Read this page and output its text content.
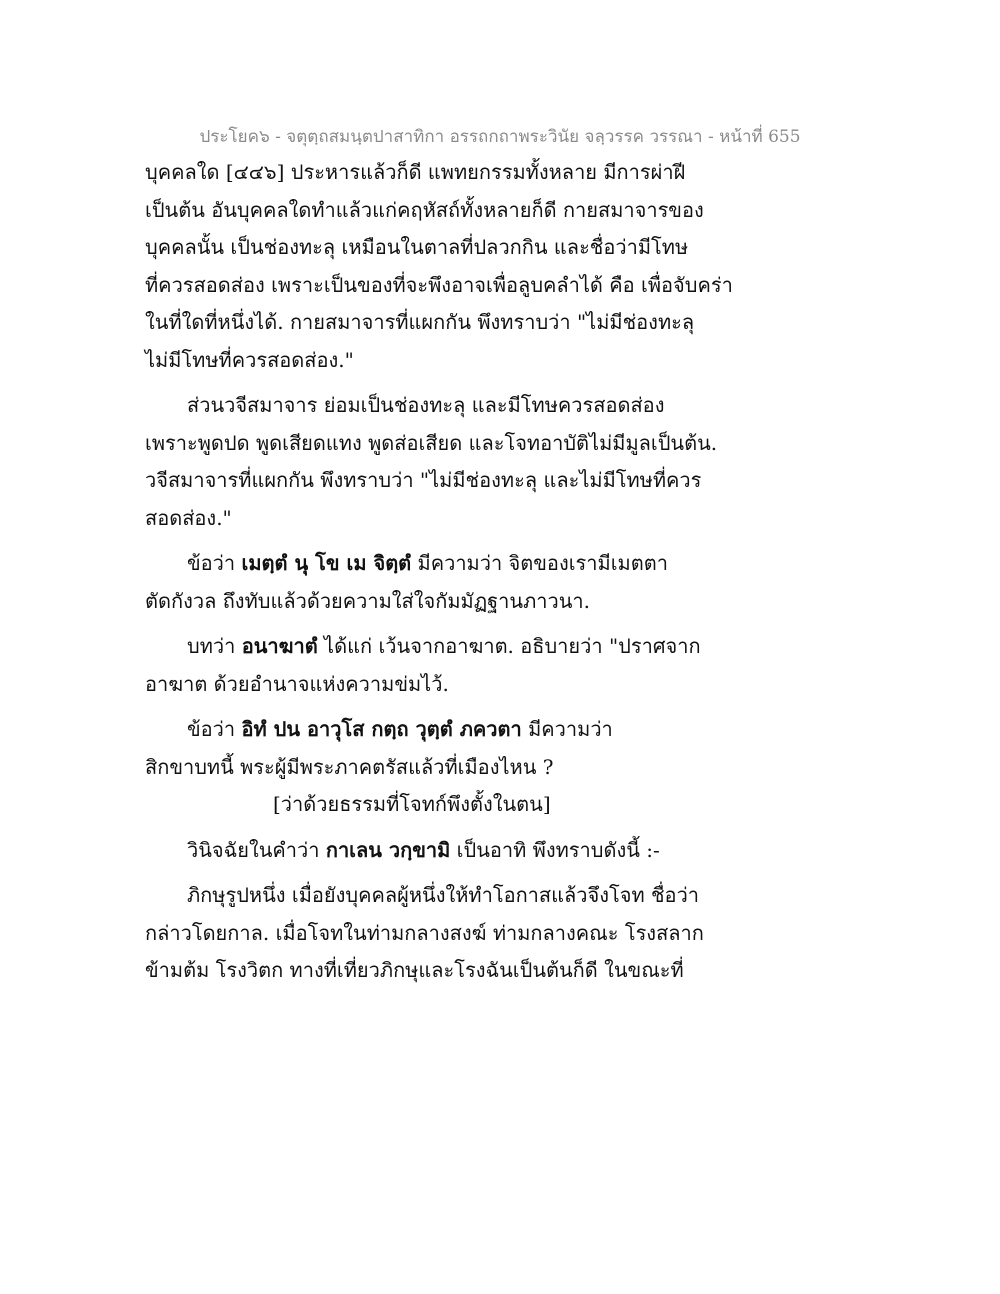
ประโยค๖ - จตุตฺถสมนฺตปาสาทิกา อรรถกถาพระวินัย จลฺวรรค วรรณา - หน้าที่ 655
บุคคลใด [๔๔๖] ประหารแล้วก็ดี แพทยกรรมทั้งหลาย มีการผ่าฝี
เป็นต้น อันบุคคลใดทำแล้วแก่คฤหัสถ์ทั้งหลายก็ดี กายสมาจารของ
บุคคลนั้น เป็นช่องทะลุ เหมือนในตาลที่ปลวกกิน และชื่อว่ามีโทษ
ที่ควรสอดส่อง เพราะเป็นของที่จะพึงอาจเพื่อลูบคลำได้ คือ เพื่อจับคร่า
ในที่ใดที่หนึ่งได้. กายสมาจารที่แผกกัน พึงทราบว่า "ไม่มีช่องทะลุ
ไม่มีโทษที่ควรสอดส่อง."
ส่วนวจีสมาจาร ย่อมเป็นช่องทะลุ และมีโทษควรสอดส่อง
เพราะพูดปด พูดเสียดแทง พูดส่อเสียด และโจทอาบัติไม่มีมูลเป็นต้น.
วจีสมาจารที่แผกกัน พึงทราบว่า "ไม่มีช่องทะลุ และไม่มีโทษที่ควร
สอดส่อง."
ข้อว่า เมตฺตํ นุ โข เม จิตฺตํ มีความว่า จิตของเรามีเมตตา
ตัดกังวล ถึงทับแล้วด้วยความใส่ใจกัมมัฏฐานภาวนา.
บทว่า อนาฆาตํ ได้แก่ เว้นจากอาฆาต. อธิบายว่า "ปราศจาก
อาฆาต ด้วยอำนาจแห่งความข่มไว้.
ข้อว่า อิทํ ปน อาวุโส กตฺถ วุตฺตํ ภควตา มีความว่า
สิกขาบทนี้ พระผู้มีพระภาคตรัสแล้วที่เมืองไหน ?
[ว่าด้วยธรรมที่โจทก์พึงตั้งในตน]
วินิจฉัยในคำว่า กาเลน วกฺขามิ เป็นอาทิ พึงทราบดังนี้ :-
ภิกษุรูปหนึ่ง เมื่อยังบุคคลผู้หนึ่งให้ทำโอกาสแล้วจึงโจท ชื่อว่า
กล่าวโดยกาล. เมื่อโจทในท่ามกลางสงฆ์ ท่ามกลางคณะ โรงสลาก
ข้ามต้ม โรงวิตก ทางที่เที่ยวภิกษุและโรงฉันเป็นต้นก็ดี ในขณะที่
